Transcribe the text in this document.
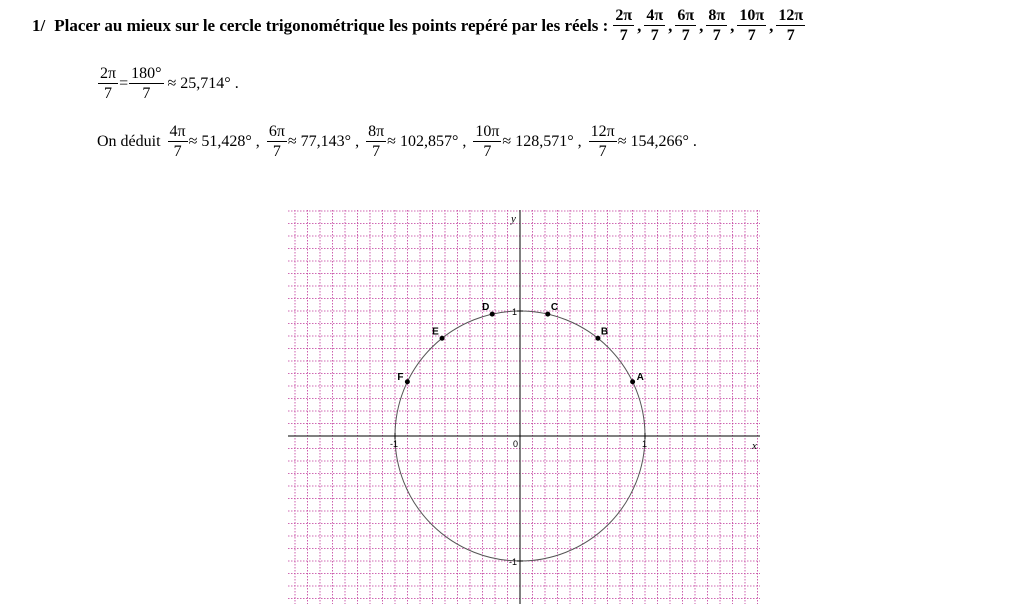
1/ Placer au mieux sur le cercle trigonométrique les points repéré par les réels : $\frac{2\pi}{7}$ , $\frac{4\pi}{7}$ , $\frac{6\pi}{7}$ , $\frac{8\pi}{7}$ , $\frac{10\pi}{7}$ , $\frac{12\pi}{7}$
$\frac{2\pi}{7} = \frac{180^\circ}{7} \approx 25,714^\circ$ .
On déduit $\frac{4\pi}{7} \approx 51,428^\circ$ , $\frac{6\pi}{7} \approx 77,143^\circ$ , $\frac{8\pi}{7} \approx 102,857^\circ$ , $\frac{10\pi}{7} \approx 128,571^\circ$ , $\frac{12\pi}{7} \approx 154,266^\circ$ .
x
y
0	1
-1
1
-1
A
B
C
D
E
F
